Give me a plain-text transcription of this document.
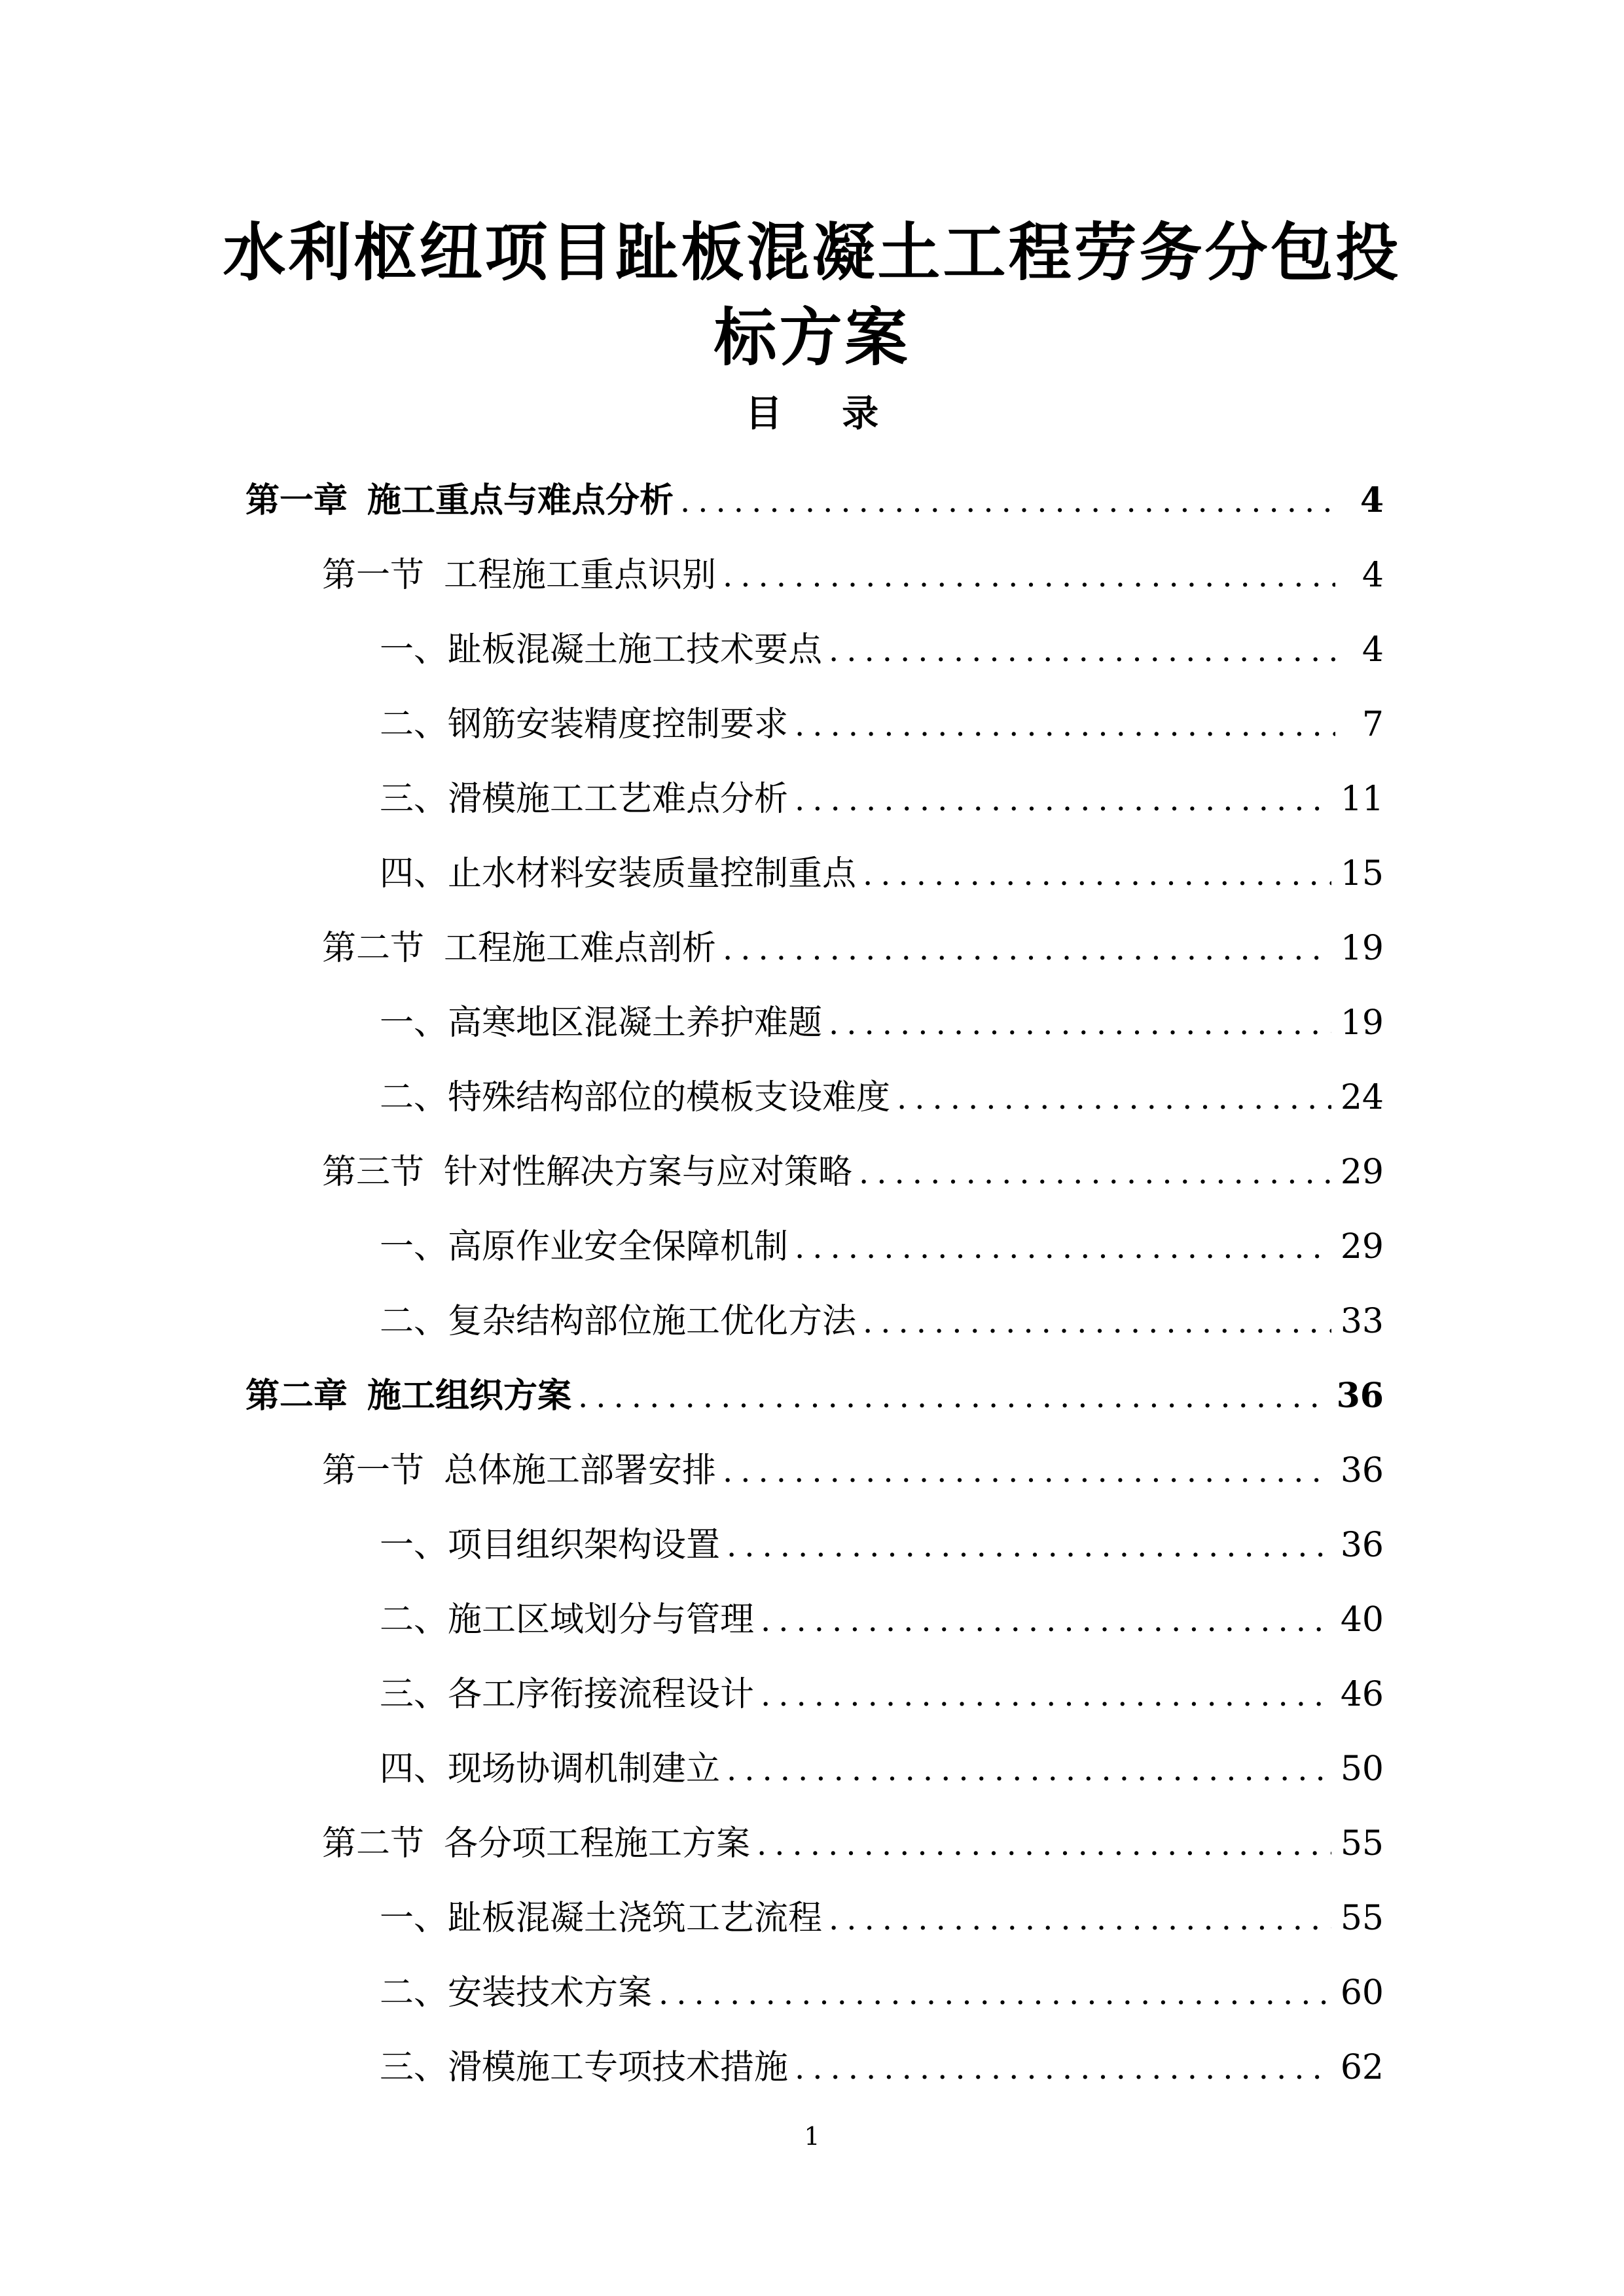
水利枢纽项目趾板混凝土工程劳务分包投
标方案
目 录
第一章 施工重点与难点分析 .....	4
第一节 工程施工重点识别 .....	4
一、趾板混凝土施工技术要点 .....	4
二、钢筋安装精度控制要求 .....	7
三、滑模施工工艺难点分析 .....	11
四、止水材料安装质量控制重点 .....	15
第二节 工程施工难点剖析 .....	19
一、高寒地区混凝土养护难题 .....	19
二、特殊结构部位的模板支设难度 .....	24
第三节 针对性解决方案与应对策略 .....	29
一、高原作业安全保障机制 .....	29
二、复杂结构部位施工优化方法 .....	33
第二章 施工组织方案 .....	36
第一节 总体施工部署安排 .....	36
一、项目组织架构设置 .....	36
二、施工区域划分与管理 .....	40
三、各工序衔接流程设计 .....	46
四、现场协调机制建立 .....	50
第二节 各分项工程施工方案 .....	55
一、趾板混凝土浇筑工艺流程 .....	55
二、安装技术方案 .....	60
三、滑模施工专项技术措施 .....	62
1
